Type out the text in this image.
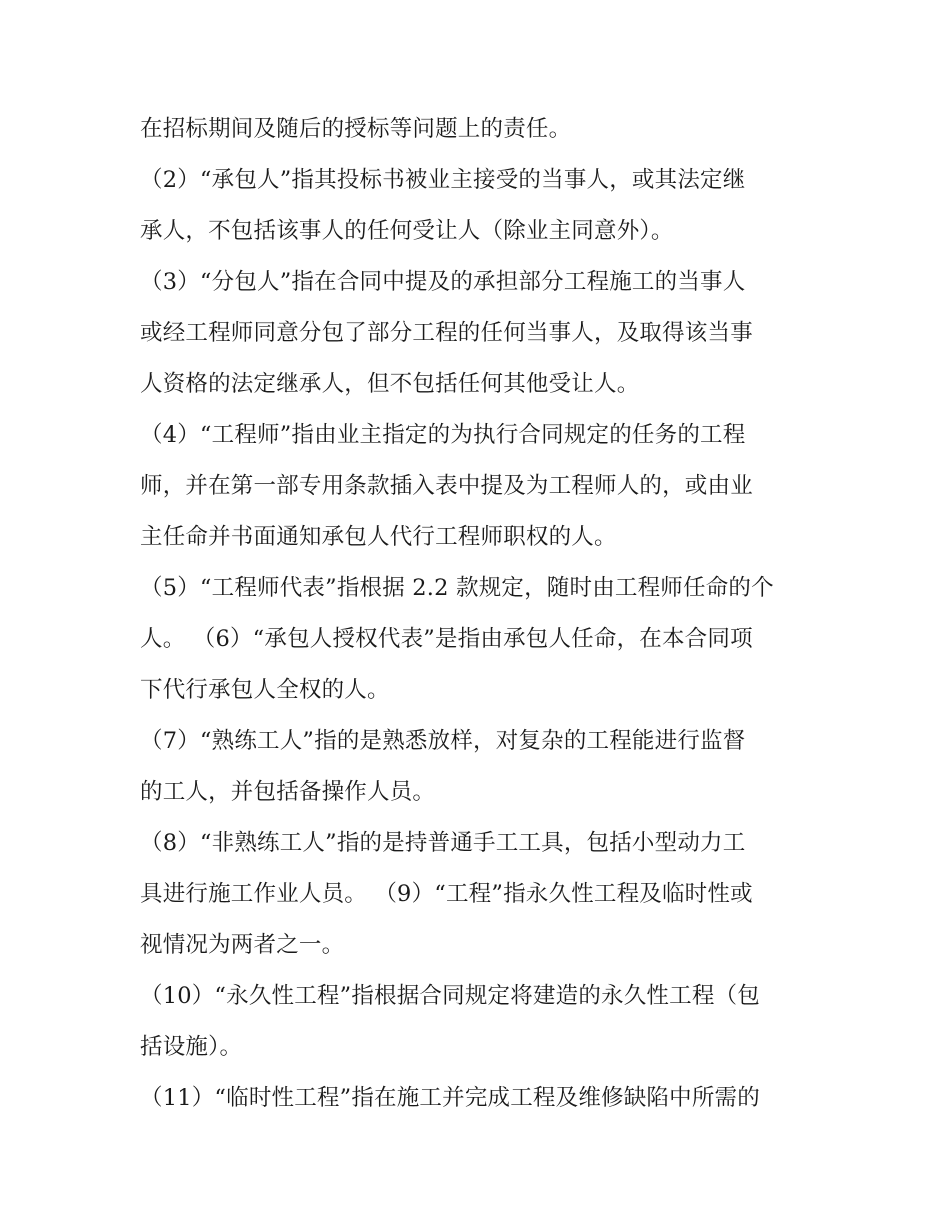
在招标期间及随后的授标等问题上的责任。
（2）“承包人”指其投标书被业主接受的当事人，或其法定继
承人，不包括该事人的任何受让人（除业主同意外）。
（3）“分包人”指在合同中提及的承担部分工程施工的当事人
或经工程师同意分包了部分工程的任何当事人，及取得该当事
人资格的法定继承人，但不包括任何其他受让人。
（4）“工程师”指由业主指定的为执行合同规定的任务的工程
师，并在第一部专用条款插入表中提及为工程师人的，或由业
主任命并书面通知承包人代行工程师职权的人。
（5）“工程师代表”指根据 2.2 款规定，随时由工程师任命的个
人。 （6）“承包人授权代表”是指由承包人任命，在本合同项
下代行承包人全权的人。
（7）“熟练工人”指的是熟悉放样，对复杂的工程能进行监督
的工人，并包括备操作人员。
（8）“非熟练工人”指的是持普通手工工具，包括小型动力工
具进行施工作业人员。 （9）“工程”指永久性工程及临时性或
视情况为两者之一。
（10）“永久性工程”指根据合同规定将建造的永久性工程（包
括设施）。
（11）“临时性工程”指在施工并完成工程及维修缺陷中所需的
